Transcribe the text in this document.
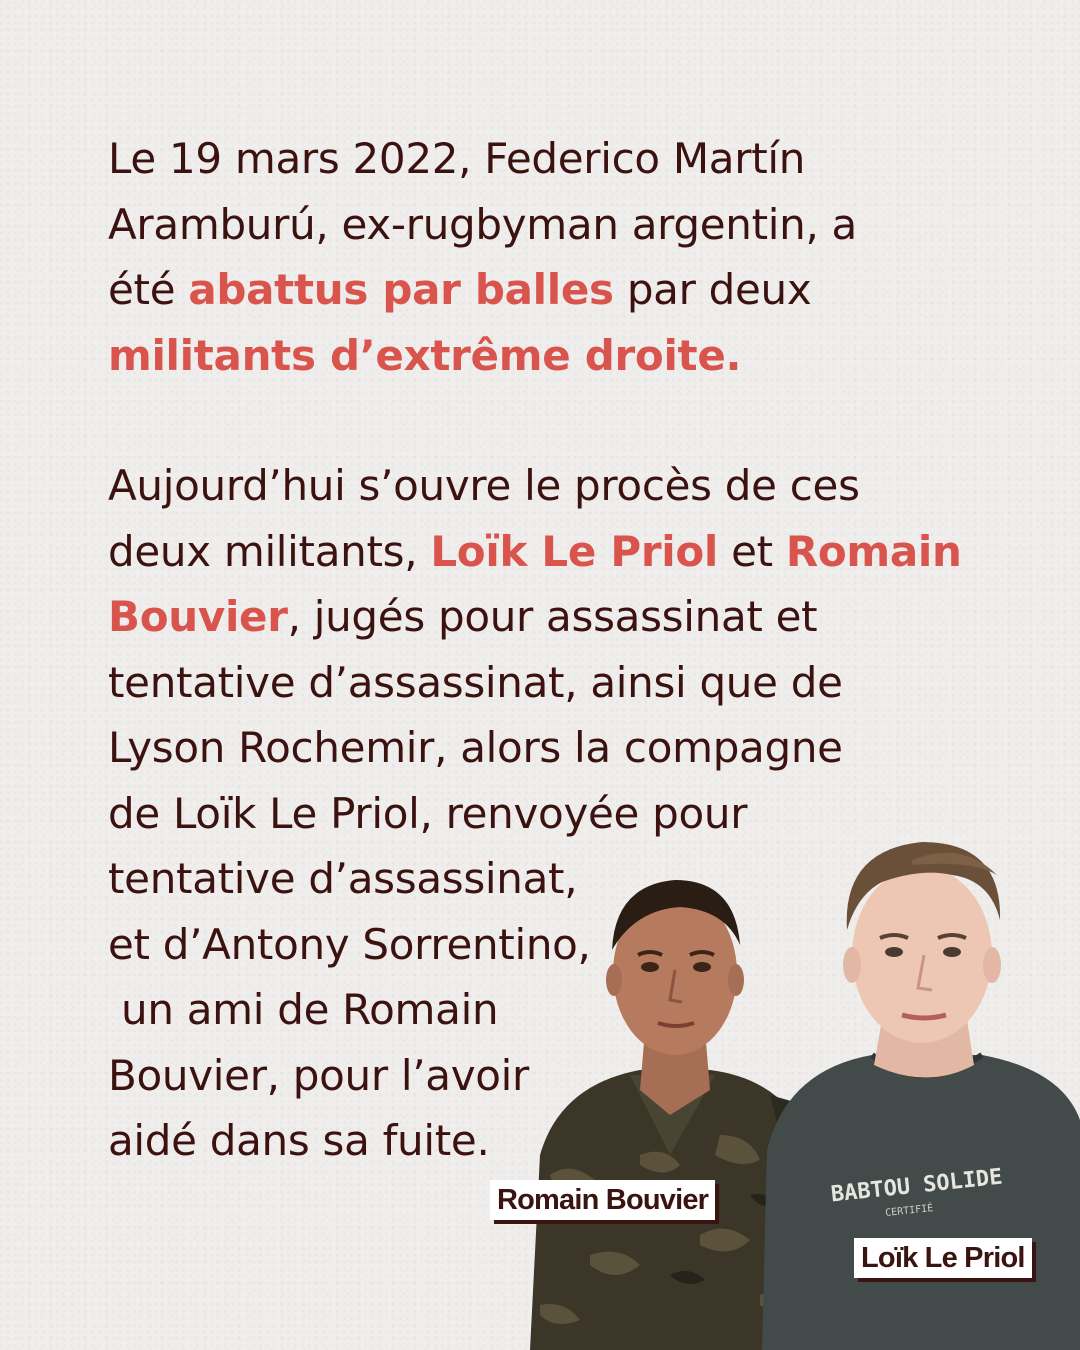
Le 19 mars 2022, Federico Martín
Aramburú, ex-rugbyman argentin, a
été abattus par balles par deux
militants d’extrême droite.

Aujourd’hui s’ouvre le procès de ces
deux militants, Loïk Le Priol et Romain
Bouvier, jugés pour assassinat et
tentative d’assassinat, ainsi que de
Lyson Rochemir, alors la compagne
de Loïk Le Priol, renvoyée pour
tentative d’assassinat,
et d’Antony Sorrentino,
un ami de Romain
Bouvier, pour l’avoir
aidé dans sa fuite.

BABTOU SOLIDE
CERTIFIÉ
Romain Bouvier
Loïk Le Priol
